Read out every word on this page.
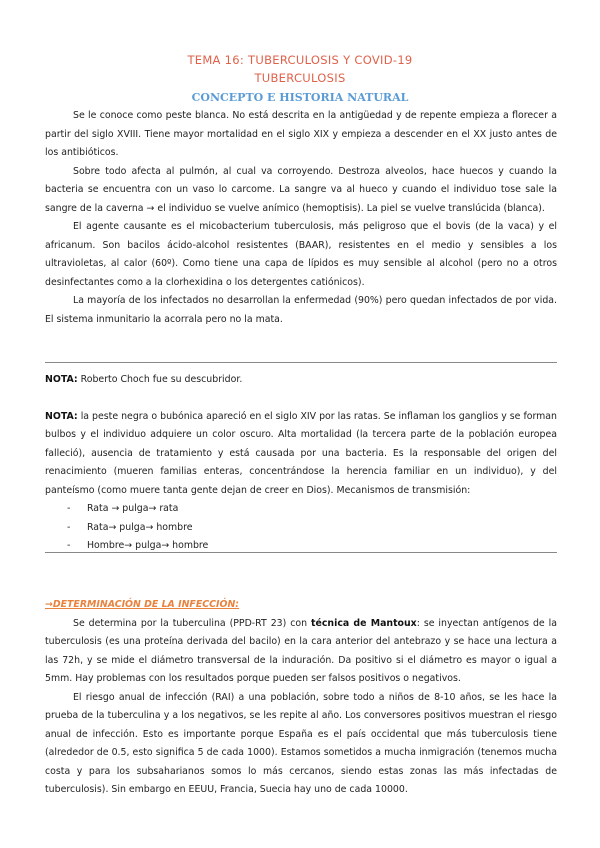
TEMA 16: TUBERCULOSIS Y COVID-19
TUBERCULOSIS
CONCEPTO E HISTORIA NATURAL

Se le conoce como peste blanca. No está descrita en la antigüedad y de repente empieza a florecer a partir del siglo XVIII. Tiene mayor mortalidad en el siglo XIX y empieza a descender en el XX justo antes de los antibióticos.

Sobre todo afecta al pulmón, al cual va corroyendo. Destroza alveolos, hace huecos y cuando la bacteria se encuentra con un vaso lo carcome. La sangre va al hueco y cuando el individuo tose sale la sangre de la caverna → el individuo se vuelve anímico (hemoptisis). La piel se vuelve translúcida (blanca).

El agente causante es el micobacterium tuberculosis, más peligroso que el bovis (de la vaca) y el africanum. Son bacilos ácido-alcohol resistentes (BAAR), resistentes en el medio y sensibles a los ultravioletas, al calor (60º). Como tiene una capa de lípidos es muy sensible al alcohol (pero no a otros desinfectantes como a la clorhexidina o los detergentes catiónicos).

La mayoría de los infectados no desarrollan la enfermedad (90%) pero quedan infectados de por vida. El sistema inmunitario la acorrala pero no la mata.

NOTA: Roberto Choch fue su descubridor.

NOTA: la peste negra o bubónica apareció en el siglo XIV por las ratas. Se inflaman los ganglios y se forman bulbos y el individuo adquiere un color oscuro. Alta mortalidad (la tercera parte de la población europea falleció), ausencia de tratamiento y está causada por una bacteria. Es la responsable del origen del renacimiento (mueren familias enteras, concentrándose la herencia familiar en un individuo), y del panteísmo (como muere tanta gente dejan de creer en Dios). Mecanismos de transmisión:

- Rata → pulga→ rata
- Rata→ pulga→ hombre
- Hombre→ pulga→ hombre

→DETERMINACIÓN DE LA INFECCIÓN:

Se determina por la tuberculina (PPD-RT 23) con técnica de Mantoux: se inyectan antígenos de la tuberculosis (es una proteína derivada del bacilo) en la cara anterior del antebrazo y se hace una lectura a las 72h, y se mide el diámetro transversal de la induración. Da positivo si el diámetro es mayor o igual a 5mm. Hay problemas con los resultados porque pueden ser falsos positivos o negativos.

El riesgo anual de infección (RAI) a una población, sobre todo a niños de 8-10 años, se les hace la prueba de la tuberculina y a los negativos, se les repite al año. Los conversores positivos muestran el riesgo anual de infección. Esto es importante porque España es el país occidental que más tuberculosis tiene (alrededor de 0.5, esto significa 5 de cada 1000). Estamos sometidos a mucha inmigración (tenemos mucha costa y para los subsaharianos somos lo más cercanos, siendo estas zonas las más infectadas de tuberculosis). Sin embargo en EEUU, Francia, Suecia hay uno de cada 10000.
